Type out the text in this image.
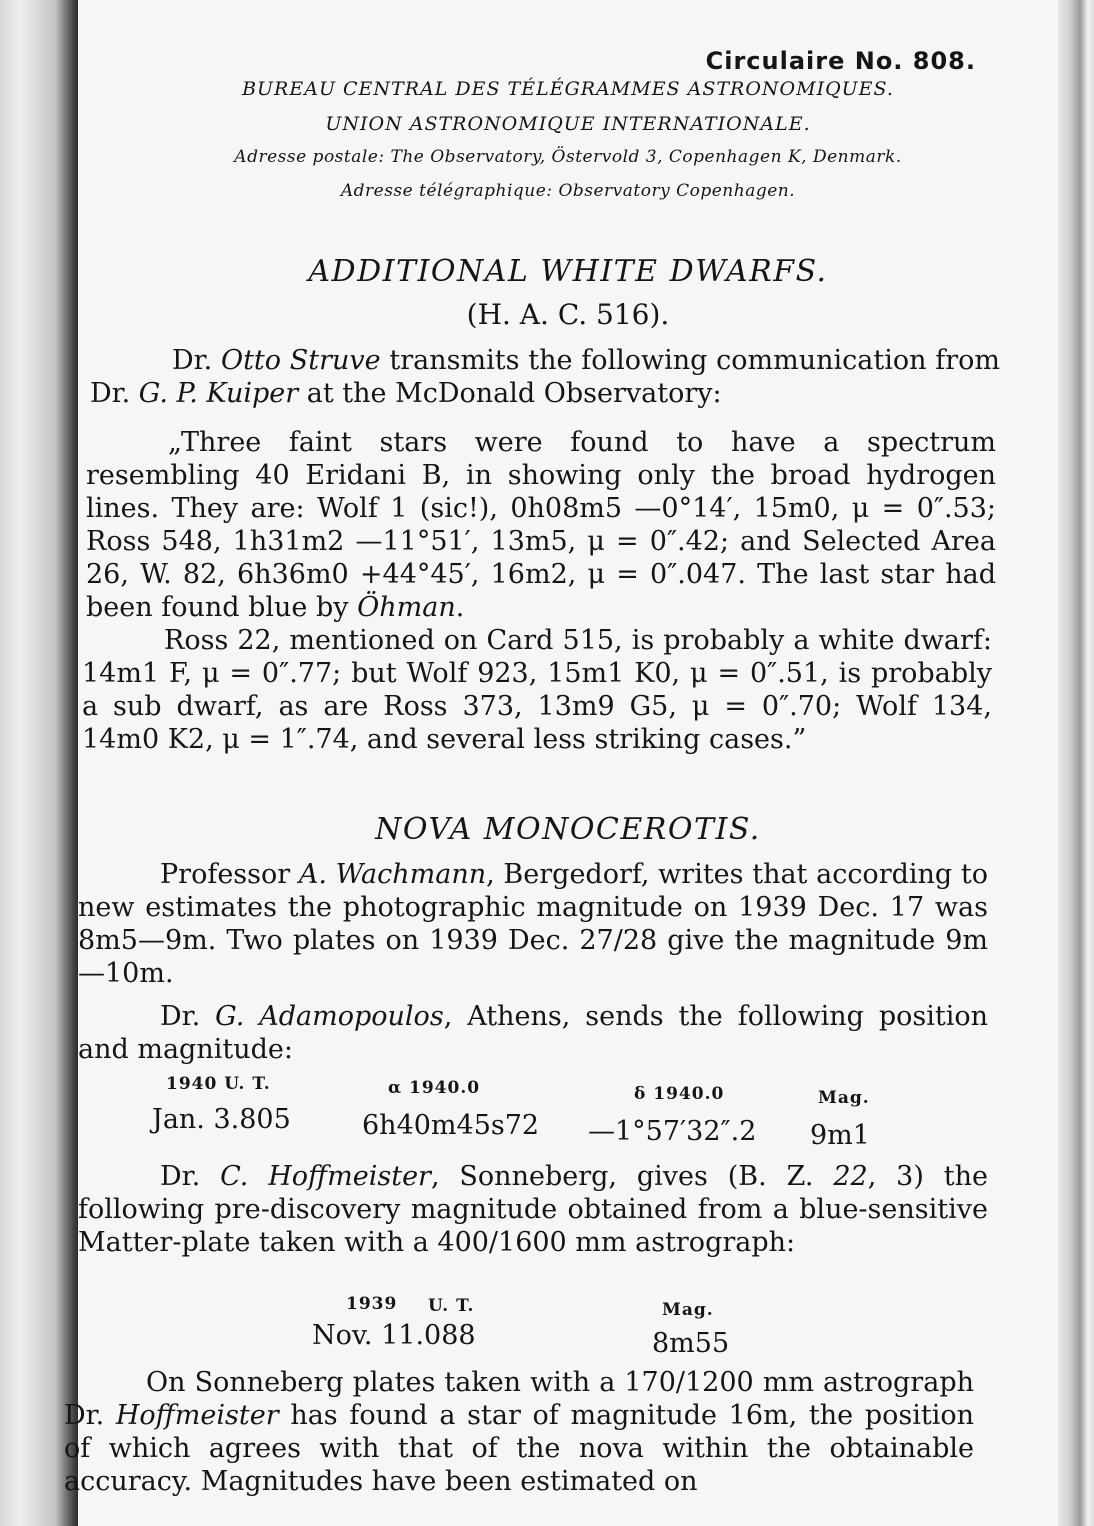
Circulaire No. 808.
BUREAU CENTRAL DES TÉLÉGRAMMES ASTRONOMIQUES.
UNION ASTRONOMIQUE INTERNATIONALE.
Adresse postale: The Observatory, Östervold 3, Copenhagen K, Denmark.
Adresse télégraphique: Observatory Copenhagen.
ADDITIONAL WHITE DWARFS.
(H. A. C. 516).

Dr. Otto Struve transmits the following communication from Dr. G. P. Kuiper at the McDonald Observatory:

„Three faint stars were found to have a spectrum resembling 40 Eridani B, in showing only the broad hydrogen lines. They are: Wolf 1 (sic!), 0h08m5 —0°14′, 15m0, μ = 0″.53; Ross 548, 1h31m2 —11°51′, 13m5, μ = 0″.42; and Selected Area 26, W. 82, 6h36m0 +44°45′, 16m2, μ = 0″.047. The last star had been found blue by Öhman.

Ross 22, mentioned on Card 515, is probably a white dwarf: 14m1 F, μ = 0″.77; but Wolf 923, 15m1 K0, μ = 0″.51, is probably a sub dwarf, as are Ross 373, 13m9 G5, μ = 0″.70; Wolf 134, 14m0 K2, μ = 1″.74, and several less striking cases.”

NOVA MONOCEROTIS.

Professor A. Wachmann, Bergedorf, writes that according to new estimates the photographic magnitude on 1939 Dec. 17 was 8m5—9m. Two plates on 1939 Dec. 27/28 give the magnitude 9m—10m.

Dr. G. Adamopoulos, Athens, sends the following position and magnitude:

1940 U. T.	α 1940.0	δ 1940.0	Mag.
Jan. 3.805	6h40m45s72 —1°57′32″.2 9m1

Dr. C. Hoffmeister, Sonneberg, gives (B. Z. 22, 3) the following pre-discovery magnitude obtained from a blue-sensitive Matter-plate taken with a 400/1600 mm astrograph:

1939 U. T.	Mag.
Nov. 11.088	8m55

On Sonneberg plates taken with a 170/1200 mm astrograph Dr. Hoffmeister has found a star of magnitude 16m, the position of which agrees with that of the nova within the obtainable accuracy. Magnitudes have been estimated on
